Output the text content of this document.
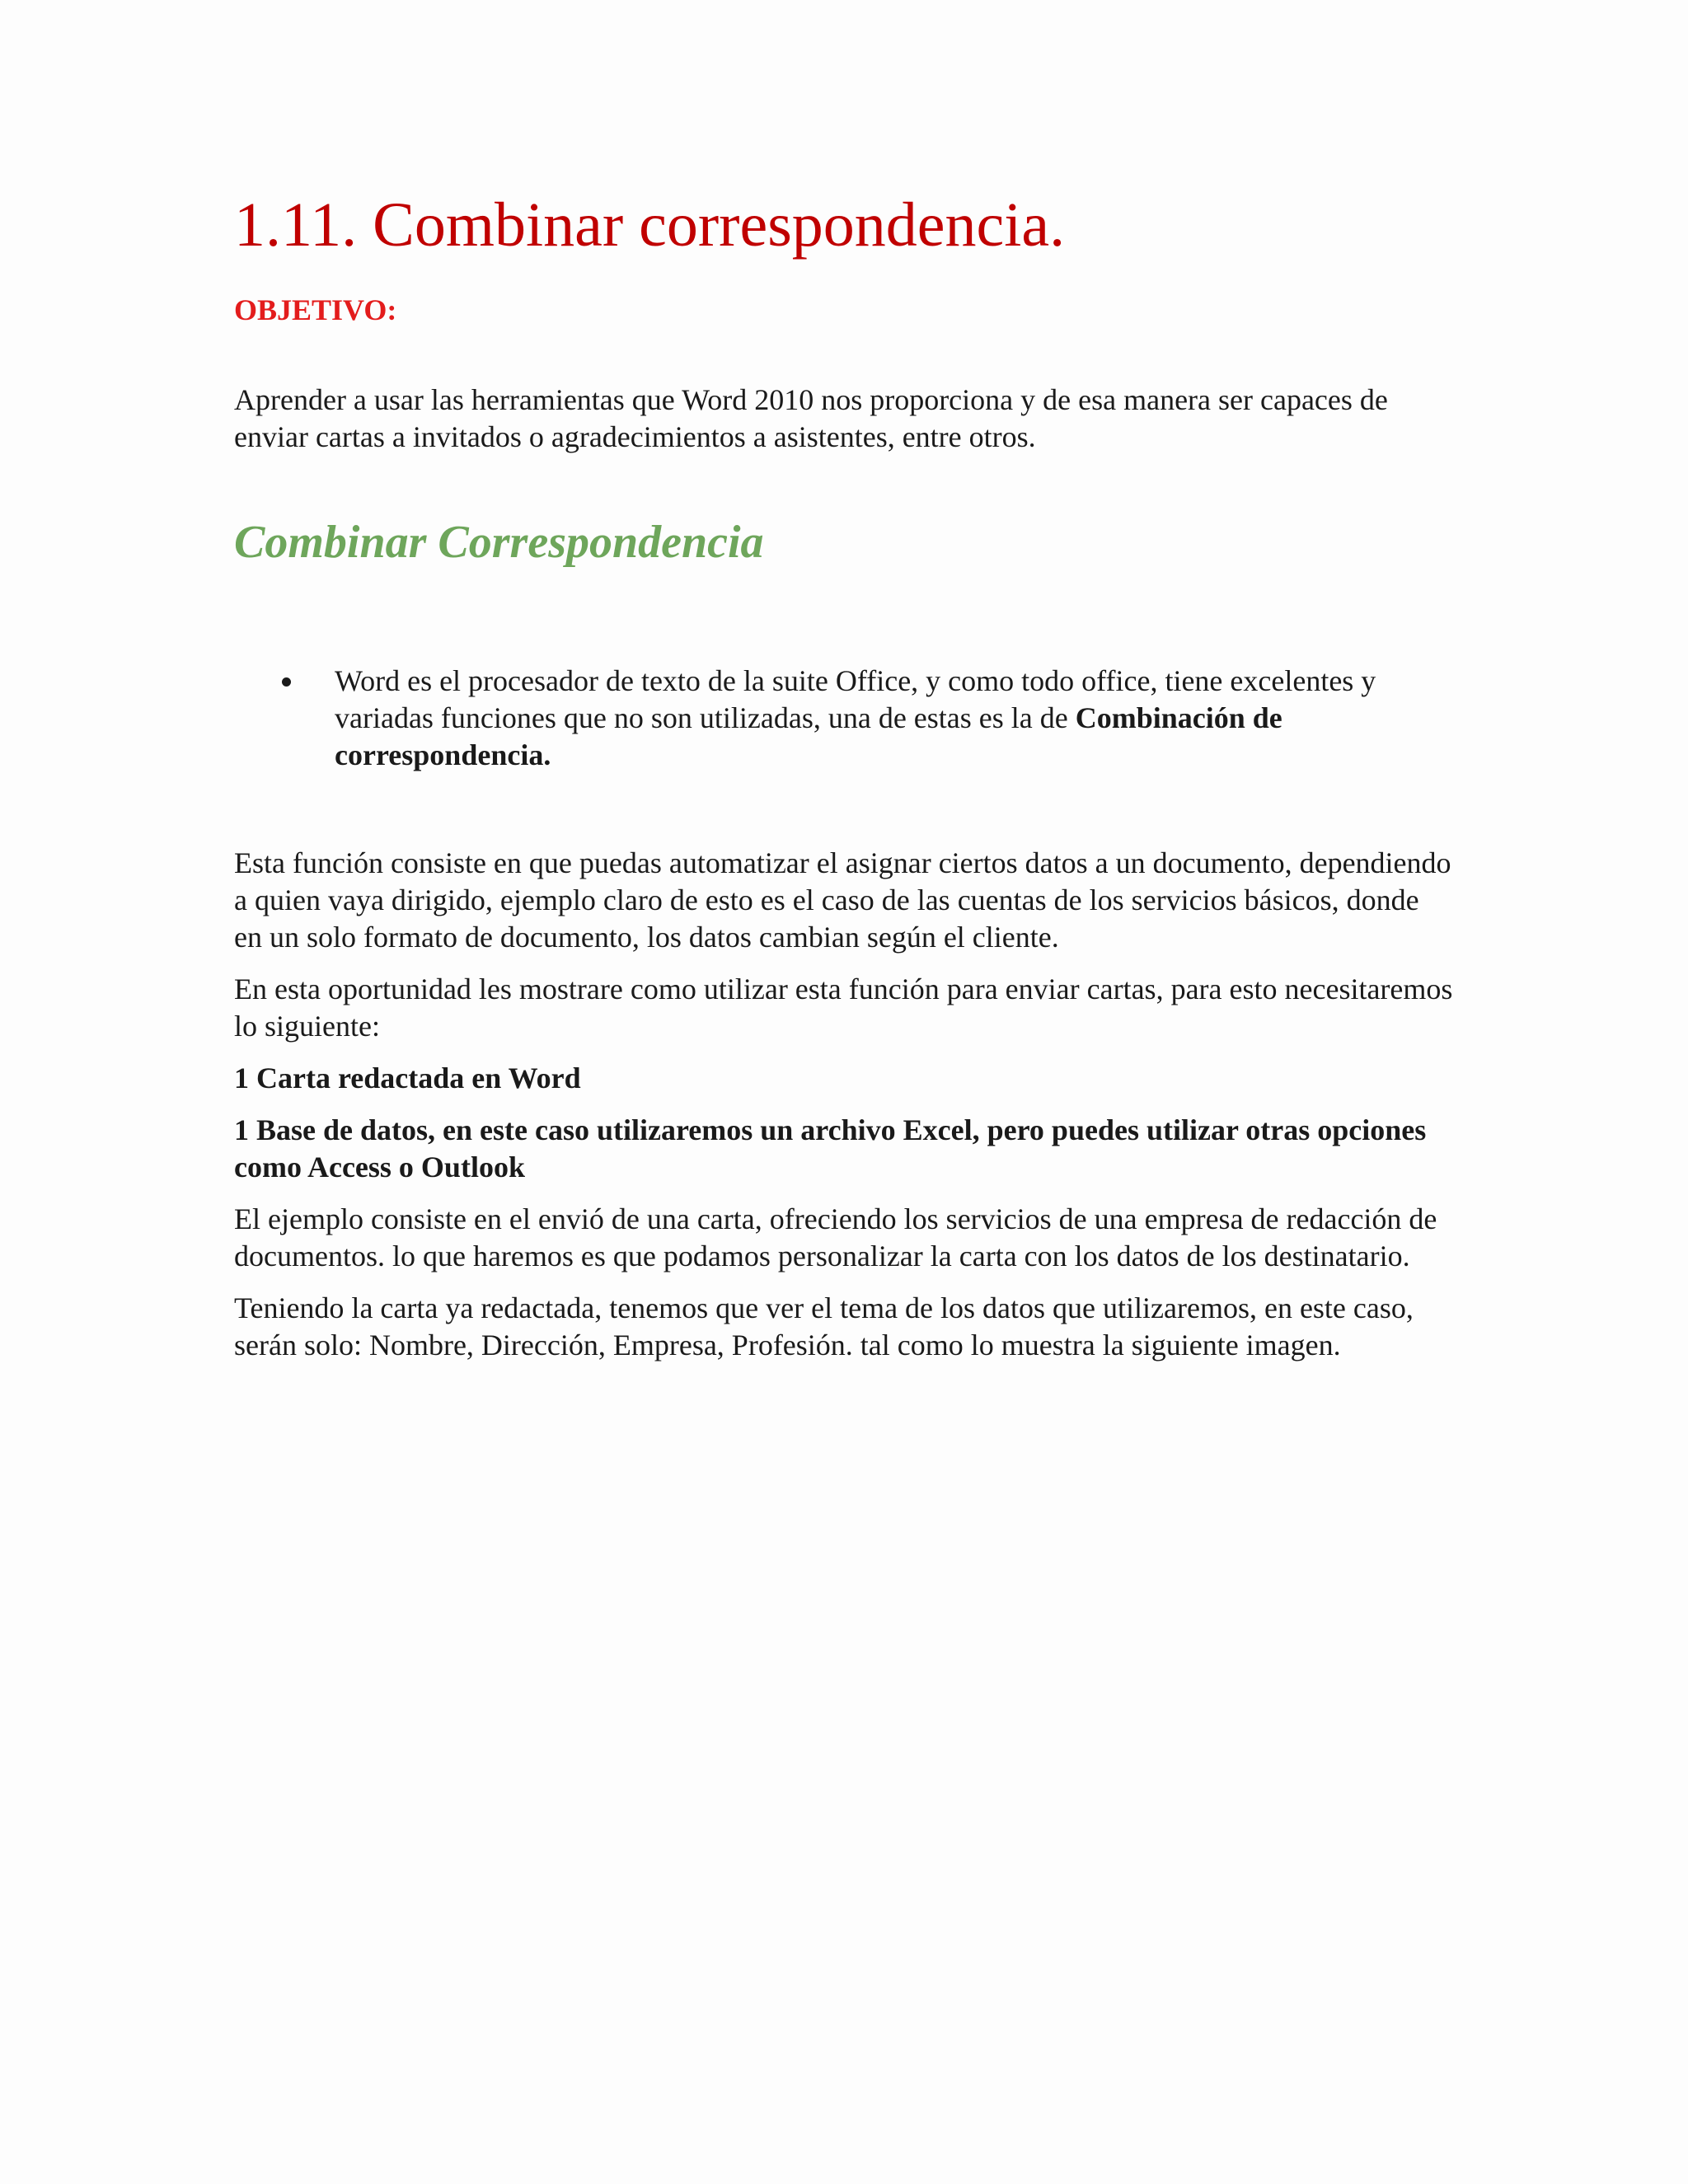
1.11. Combinar correspondencia.
OBJETIVO:

Aprender a usar las herramientas que Word 2010 nos proporciona y de esa manera ser capaces de enviar cartas a invitados o agradecimientos a asistentes, entre otros.

Combinar Correspondencia
Word es el procesador de texto de la suite Office, y como todo office, tiene excelentes y variadas funciones que no son utilizadas, una de estas es la de Combinación de correspondencia.

Esta función consiste en que puedas automatizar el asignar ciertos datos a un documento, dependiendo a quien vaya dirigido, ejemplo claro de esto es el caso de las cuentas de los servicios básicos, donde en un solo formato de documento, los datos cambian según el cliente.

En esta oportunidad les mostrare como utilizar esta función para enviar cartas, para esto necesitaremos lo siguiente:

1 Carta redactada en Word

1 Base de datos, en este caso utilizaremos un archivo Excel, pero puedes utilizar otras opciones como Access o Outlook

El ejemplo consiste en el envió de una carta, ofreciendo los servicios de una empresa de redacción de documentos. lo que haremos es que podamos personalizar la carta con los datos de los destinatario.

Teniendo la carta ya redactada, tenemos que ver el tema de los datos que utilizaremos, en este caso, serán solo: Nombre, Dirección, Empresa, Profesión. tal como lo muestra la siguiente imagen.
